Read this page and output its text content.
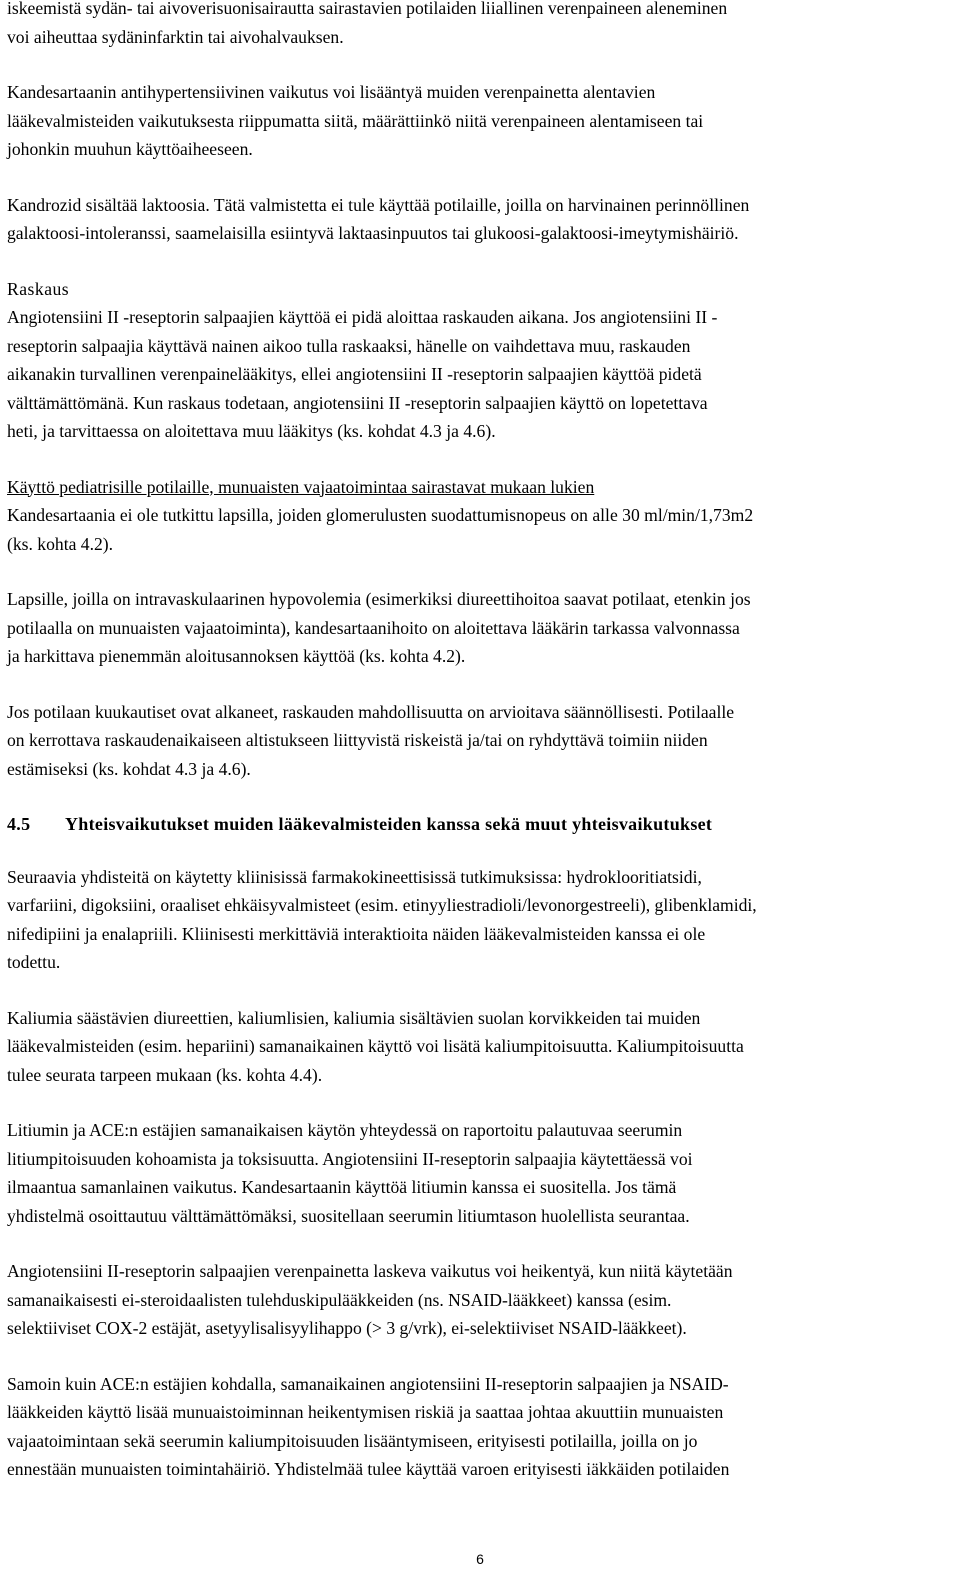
iskeemistä sydän- tai aivoverisuonisairautta sairastavien potilaiden liiallinen verenpaineen aleneminen
voi aiheuttaa sydäninfarktin tai aivohalvauksen.

Kandesartaanin antihypertensiivinen vaikutus voi lisääntyä muiden verenpainetta alentavien
lääkevalmisteiden vaikutuksesta riippumatta siitä, määrättiinkö niitä verenpaineen alentamiseen tai
johonkin muuhun käyttöaiheeseen.

Kandrozid sisältää laktoosia. Tätä valmistetta ei tule käyttää potilaille, joilla on harvinainen perinnöllinen
galaktoosi-intoleranssi, saamelaisilla esiintyvä laktaasinpuutos tai glukoosi-galaktoosi-imeytymishäiriö.

Raskaus
Angiotensiini II -reseptorin salpaajien käyttöä ei pidä aloittaa raskauden aikana. Jos angiotensiini II -
reseptorin salpaajia käyttävä nainen aikoo tulla raskaaksi, hänelle on vaihdettava muu, raskauden
aikanakin turvallinen verenpainelääkitys, ellei angiotensiini II -reseptorin salpaajien käyttöä pidetä
välttämättömänä. Kun raskaus todetaan, angiotensiini II -reseptorin salpaajien käyttö on lopetettava
heti, ja tarvittaessa on aloitettava muu lääkitys (ks. kohdat 4.3 ja 4.6).

Käyttö pediatrisille potilaille, munuaisten vajaatoimintaa sairastavat mukaan lukien
Kandesartaania ei ole tutkittu lapsilla, joiden glomerulusten suodattumisnopeus on alle 30 ml/min/1,73m2
(ks. kohta 4.2).

Lapsille, joilla on intravaskulaarinen hypovolemia (esimerkiksi diureettihoitoa saavat potilaat, etenkin jos
potilaalla on munuaisten vajaatoiminta), kandesartaanihoito on aloitettava lääkärin tarkassa valvonnassa
ja harkittava pienemmän aloitusannoksen käyttöä (ks. kohta 4.2).

Jos potilaan kuukautiset ovat alkaneet, raskauden mahdollisuutta on arvioitava säännöllisesti. Potilaalle
on kerrottava raskaudenaikaiseen altistukseen liittyvistä riskeistä ja/tai on ryhdyttävä toimiin niiden
estämiseksi (ks. kohdat 4.3 ja 4.6).

4.5 Yhteisvaikutukset muiden lääkevalmisteiden kanssa sekä muut yhteisvaikutukset

Seuraavia yhdisteitä on käytetty kliinisissä farmakokineettisissä tutkimuksissa: hydroklooritiatsidi,
varfariini, digoksiini, oraaliset ehkäisyvalmisteet (esim. etinyyliestradioli/levonorgestreeli), glibenklamidi,
nifedipiini ja enalapriili. Kliinisesti merkittäviä interaktioita näiden lääkevalmisteiden kanssa ei ole
todettu.

Kaliumia säästävien diureettien, kaliumlisien, kaliumia sisältävien suolan korvikkeiden tai muiden
lääkevalmisteiden (esim. hepariini) samanaikainen käyttö voi lisätä kaliumpitoisuutta. Kaliumpitoisuutta
tulee seurata tarpeen mukaan (ks. kohta 4.4).

Litiumin ja ACE:n estäjien samanaikaisen käytön yhteydessä on raportoitu palautuvaa seerumin
litiumpitoisuuden kohoamista ja toksisuutta. Angiotensiini II-reseptorin salpaajia käytettäessä voi
ilmaantua samanlainen vaikutus. Kandesartaanin käyttöä litiumin kanssa ei suositella. Jos tämä
yhdistelmä osoittautuu välttämättömäksi, suositellaan seerumin litiumtason huolellista seurantaa.

Angiotensiini II-reseptorin salpaajien verenpainetta laskeva vaikutus voi heikentyä, kun niitä käytetään
samanaikaisesti ei-steroidaalisten tulehduskipulääkkeiden (ns. NSAID-lääkkeet) kanssa (esim.
selektiiviset COX-2 estäjät, asetyylisalisyylihappo (> 3 g/vrk), ei-selektiiviset NSAID-lääkkeet).

Samoin kuin ACE:n estäjien kohdalla, samanaikainen angiotensiini II-reseptorin salpaajien ja NSAID-
lääkkeiden käyttö lisää munuaistoiminnan heikentymisen riskiä ja saattaa johtaa akuuttiin munuaisten
vajaatoimintaan sekä seerumin kaliumpitoisuuden lisääntymiseen, erityisesti potilailla, joilla on jo
ennestään munuaisten toimintahäiriö. Yhdistelmää tulee käyttää varoen erityisesti iäkkäiden potilaiden

6
